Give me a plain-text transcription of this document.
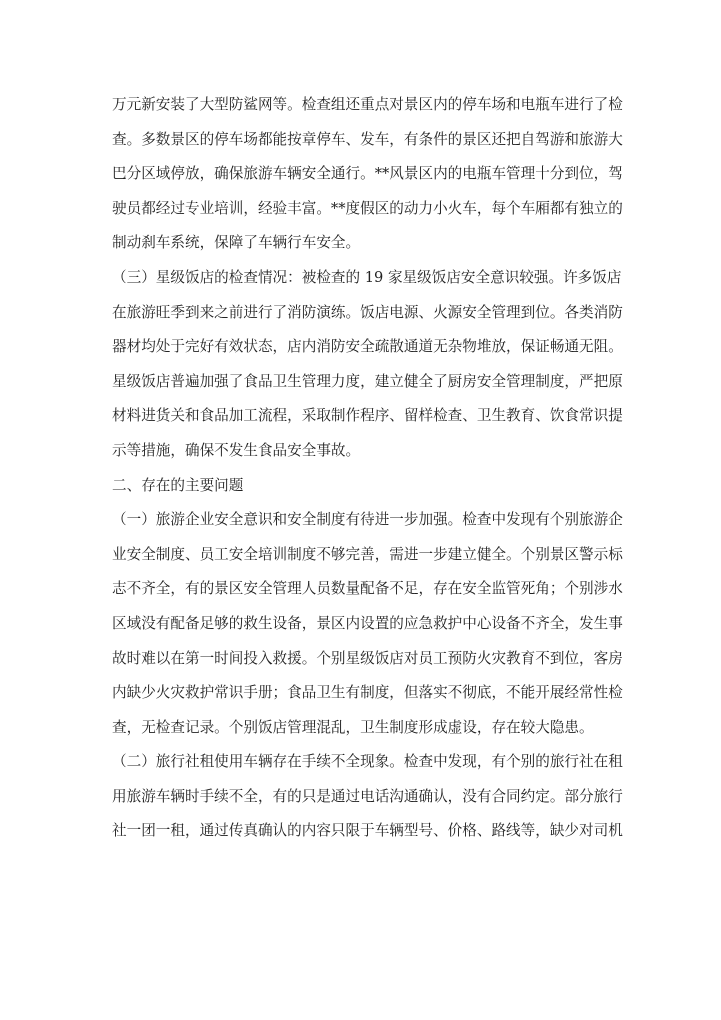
万元新安装了大型防鲨网等。检查组还重点对景区内的停车场和电瓶车进行了检
查。多数景区的停车场都能按章停车、发车，有条件的景区还把自驾游和旅游大
巴分区域停放，确保旅游车辆安全通行。**风景区内的电瓶车管理十分到位，驾
驶员都经过专业培训，经验丰富。**度假区的动力小火车，每个车厢都有独立的
制动刹车系统，保障了车辆行车安全。
（三）星级饭店的检查情况：被检查的 19 家星级饭店安全意识较强。许多饭店
在旅游旺季到来之前进行了消防演练。饭店电源、火源安全管理到位。各类消防
器材均处于完好有效状态，店内消防安全疏散通道无杂物堆放，保证畅通无阻。
星级饭店普遍加强了食品卫生管理力度，建立健全了厨房安全管理制度，严把原
材料进货关和食品加工流程，采取制作程序、留样检查、卫生教育、饮食常识提
示等措施，确保不发生食品安全事故。
二、存在的主要问题
（一）旅游企业安全意识和安全制度有待进一步加强。检查中发现有个别旅游企
业安全制度、员工安全培训制度不够完善，需进一步建立健全。个别景区警示标
志不齐全，有的景区安全管理人员数量配备不足，存在安全监管死角；个别涉水
区域没有配备足够的救生设备，景区内设置的应急救护中心设备不齐全，发生事
故时难以在第一时间投入救援。个别星级饭店对员工预防火灾教育不到位，客房
内缺少火灾救护常识手册；食品卫生有制度，但落实不彻底，不能开展经常性检
查，无检查记录。个别饭店管理混乱，卫生制度形成虚设，存在较大隐患。
（二）旅行社租使用车辆存在手续不全现象。检查中发现，有个别的旅行社在租
用旅游车辆时手续不全，有的只是通过电话沟通确认，没有合同约定。部分旅行
社一团一租，通过传真确认的内容只限于车辆型号、价格、路线等，缺少对司机
